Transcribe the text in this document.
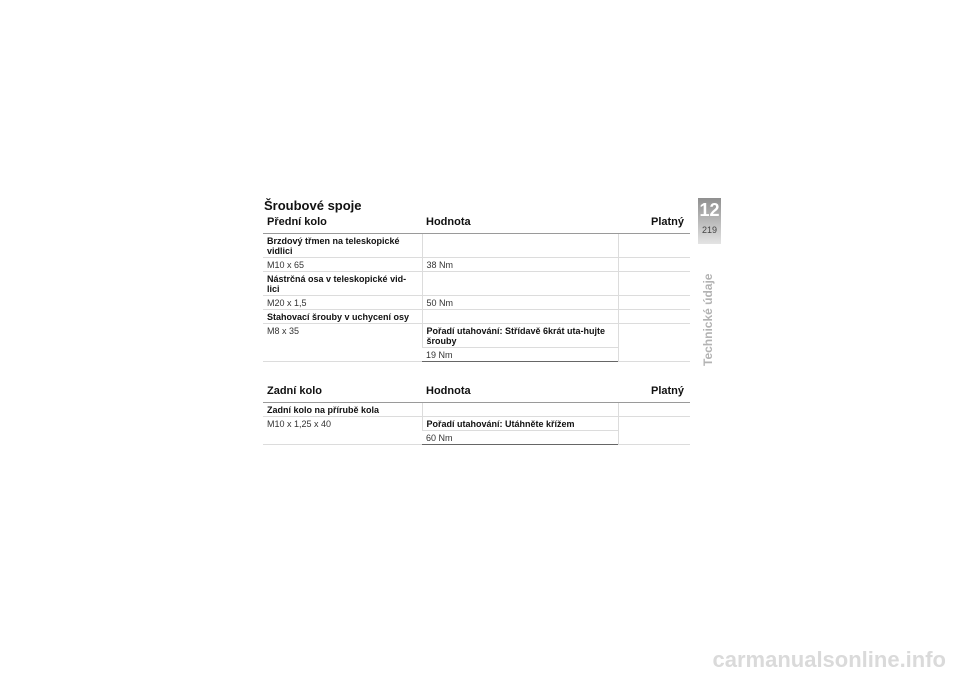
Šroubové spoje
Přední kolo	Hodnota	Platný
Brzdový třmen na teleskopické vidlici		
M10 x 65	38 Nm	
Nástrčná osa v teleskopické vid-lici		
M20 x 1,5	50 Nm	
Stahovací šrouby v uchycení osy		
M8 x 35	Pořadí utahování: Střídavě 6krát uta-hujte šrouby	
	19 Nm	
Zadní kolo	Hodnota	Platný
Zadní kolo na přírubě kola		
M10 x 1,25 x 40	Pořadí utahování: Utáhněte křížem	
	60 Nm	
12
219
Technické údaje
carmanualsonline.info
